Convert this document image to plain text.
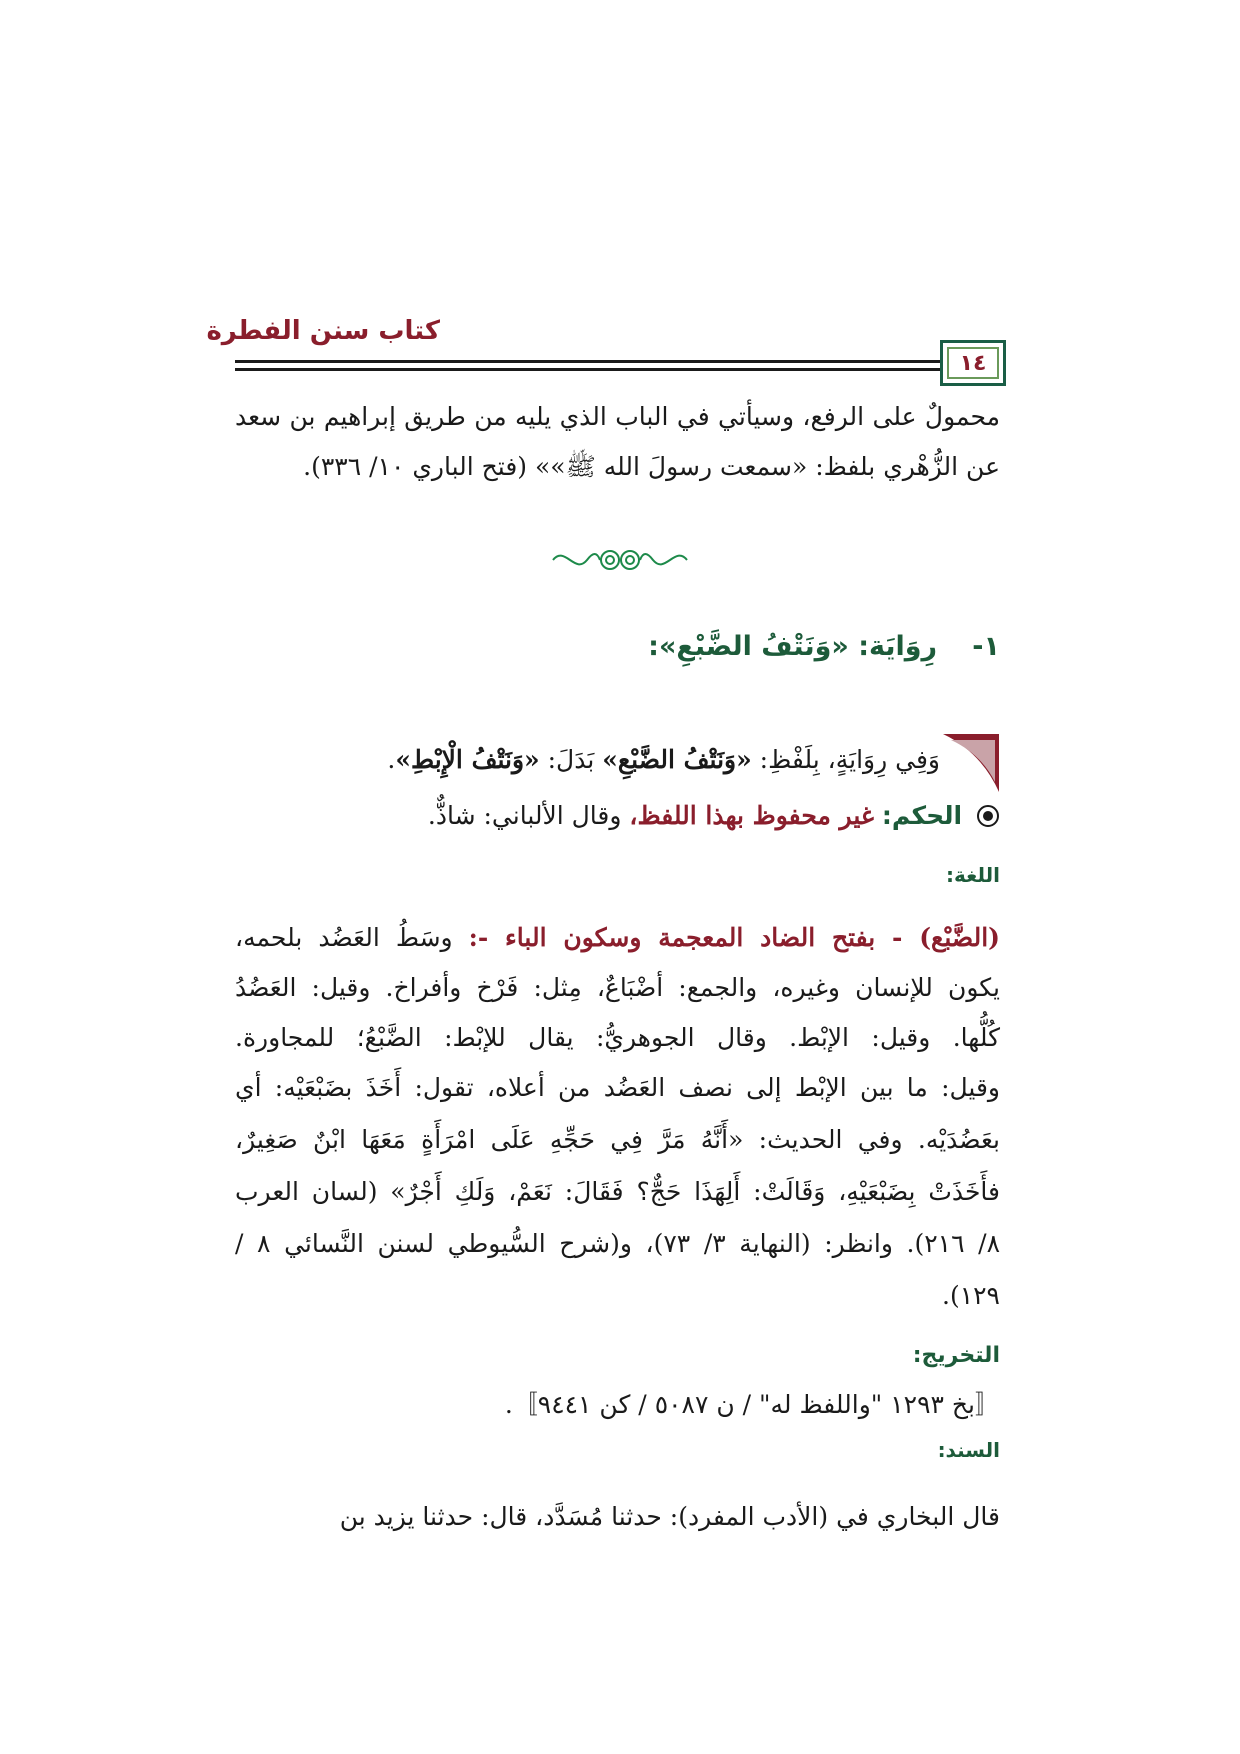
كتاب سنن الفطرة
١٤
محمولٌ على الرفع، وسيأتي في الباب الذي يليه من طريق إبراهيم بن سعد
عن الزُّهْري بلفظ: «سمعت رسولَ الله ﷺ»» (فتح الباري ١٠/ ٣٣٦).
١-  رِوَايَة: «وَنَتْفُ الضَّبْعِ»:
وَفِي رِوَايَةٍ، بِلَفْظِ: «وَنَتْفُ الضَّبْعِ» بَدَلَ: «وَنَتْفُ الْإِبْطِ».
الحكم: غير محفوظ بهذا اللفظ، وقال الألباني: شاذٌّ.
اللغة:
(الضَّبْع) - بفتح الضاد المعجمة وسكون الباء -: وسَطُ العَضُد بلحمه،
يكون للإنسان وغيره، والجمع: أضْبَاعٌ، مِثل: فَرْخ وأفراخ. وقيل: العَضُدُ
كُلُّها. وقيل: الإبْط. وقال الجوهريُّ: يقال للإبْط: الضَّبْعُ؛ للمجاورة.
وقيل: ما بين الإبْط إلى نصف العَضُد من أعلاه، تقول: أَخَذَ بضَبْعَيْه: أي
بعَضُدَيْه. وفي الحديث: «أَنَّهُ مَرَّ فِي حَجِّهِ عَلَى امْرَأَةٍ مَعَهَا ابْنٌ صَغِيرٌ،
فأَخَذَتْ بِضَبْعَيْهِ، وَقَالَتْ: أَلِهَذَا حَجٌّ؟ فَقَالَ: نَعَمْ، وَلَكِ أَجْرٌ» (لسان العرب
٨/ ٢١٦). وانظر: (النهاية ٣/ ٧٣)، و(شرح السُّيوطي لسنن النَّسائي ٨ /
١٢٩).
التخريج:
〚بخ ١٢٩٣ "واللفظ له" / ن ٥٠٨٧ / كن ٩٤٤١〛.
السند:
قال البخاري في (الأدب المفرد): حدثنا مُسَدَّد، قال: حدثنا يزيد بن
